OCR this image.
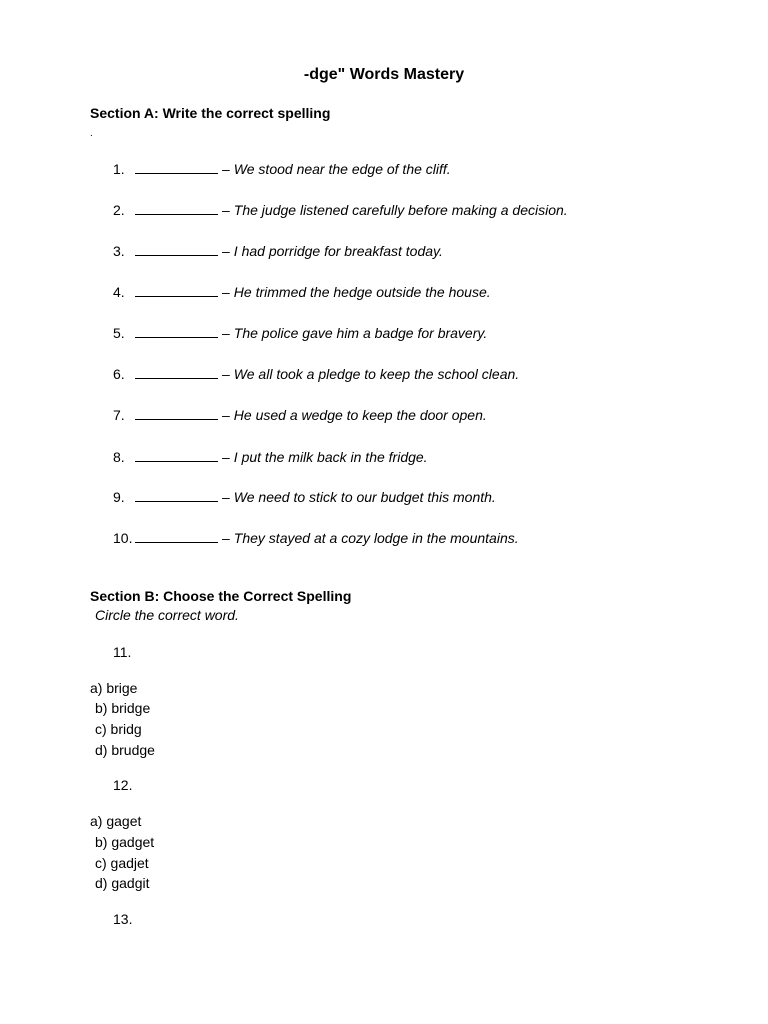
-dge" Words Mastery
Section A: Write the correct spelling
.
1.	– We stood near the edge of the cliff.
2.	– The judge listened carefully before making a decision.
3.	– I had porridge for breakfast today.
4.	– He trimmed the hedge outside the house.
5.	– The police gave him a badge for bravery.
6.	– We all took a pledge to keep the school clean.
7.	– He used a wedge to keep the door open.
8.	– I put the milk back in the fridge.
9.	– We need to stick to our budget this month.
10.	– They stayed at a cozy lodge in the mountains.
Section B: Choose the Correct Spelling
Circle the correct word.
11.
a) brige
b) bridge
c) bridg
d) brudge
12.
a) gaget
b) gadget
c) gadjet
d) gadgit
13.
